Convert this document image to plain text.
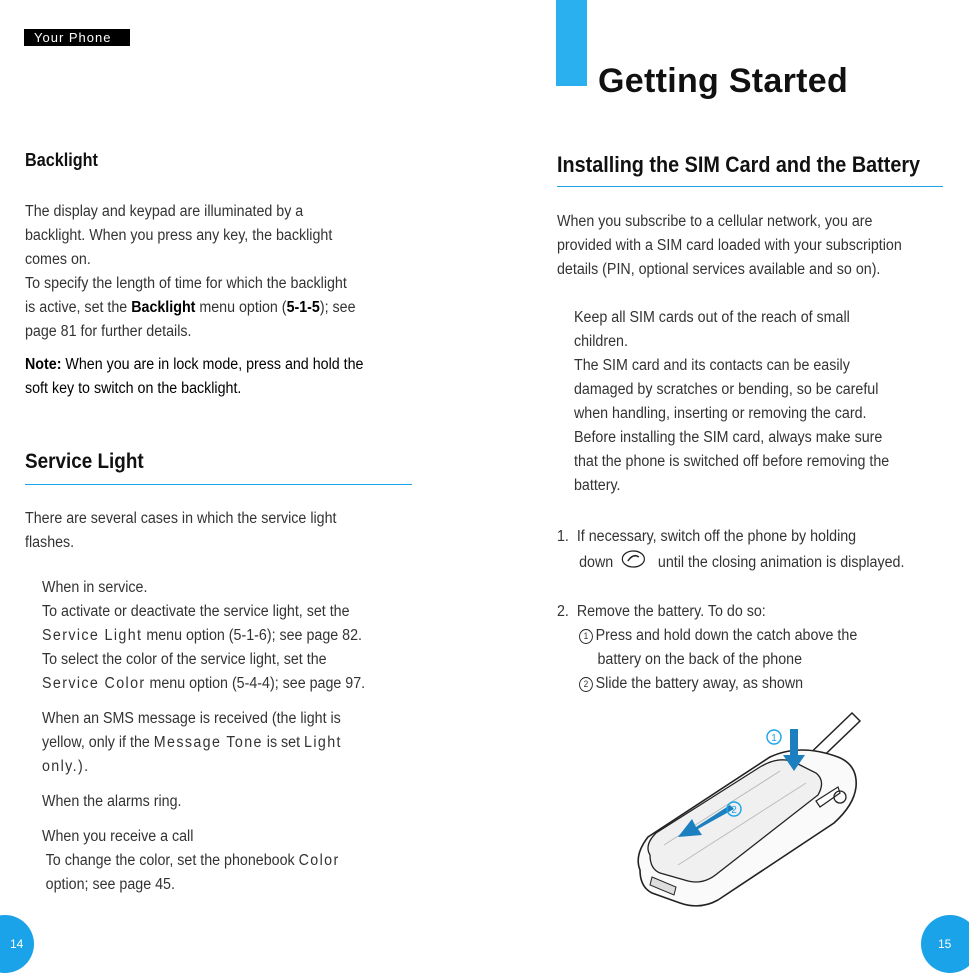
Your Phone
Backlight
The display and keypad are illuminated by a
backlight. When you press any key, the backlight
comes on.
To specify the length of time for which the backlight
is active, set the Backlight menu option (5-1-5); see
page 81 for further details.
Note: When you are in lock mode, press and hold the
soft key to switch on the backlight.
Service Light
There are several cases in which the service light
flashes.
When in service.
To activate or deactivate the service light, set the
Service Light menu option (5-1-6); see page 82.
To select the color of the service light, set the
Service Color menu option (5-4-4); see page 97.
When an SMS message is received (the light is
yellow, only if the Message Tone is set Light
only.).
When the alarms ring.
When you receive a call
To change the color, set the phonebook Color
option; see page 45.
14
Getting Started
Installing the SIM Card and the Battery
When you subscribe to a cellular network, you are
provided with a SIM card loaded with your subscription
details (PIN, optional services available and so on).
Keep all SIM cards out of the reach of small
children.
The SIM card and its contacts can be easily
damaged by scratches or bending, so be careful
when handling, inserting or removing the card.
Before installing the SIM card, always make sure
that the phone is switched off before removing the
battery.
1.  If necessary, switch off the phone by holding
down	until the closing animation is displayed.
2.  Remove the battery. To do so:
1 Press and hold down the catch above the
battery on the back of the phone
2 Slide the battery away, as shown
1
2
15
